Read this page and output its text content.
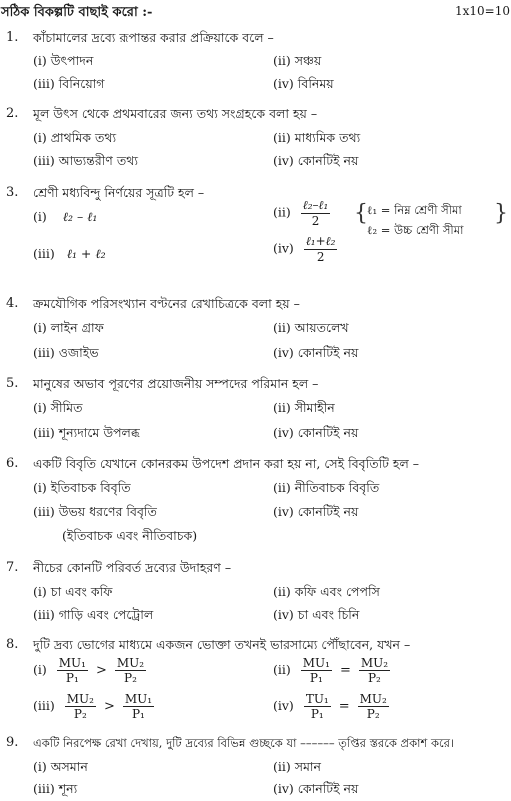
সঠিক বিকল্পটি বাছাই করো :-	1x10=10
1. কাঁচামালের দ্রব্যে রূপান্তর করার প্রক্রিয়াকে বলে –
(i) উৎপাদন	(ii) সঞ্চয়
(iii) বিনিয়োগ	(iv) বিনিময়
2. মূল উৎস থেকে প্রথমবারের জন্য তথ্য সংগ্রহকে বলা হয় –
(i) প্রাথমিক তথ্য	(ii) মাধ্যমিক তথ্য
(iii) আভ্যন্তরীণ তথ্য	(iv) কোনটিই নয়
3. শ্রেণী মধ্যবিন্দু নির্ণয়ের সূত্রটি হল –
(i) ℓ₂ – ℓ₁	$(ii) \frac{\text{ℓ₂–ℓ₁}}{2}$
(iii) ℓ₁ + ℓ₂	$(iv) \frac{\text{ℓ₁+ℓ₂}}{2}$
{ ℓ₁ = নিম্ন শ্রেণী সীমা
ℓ₂ = উচ্চ শ্রেণী সীমা
}
4. ক্রমযৌগিক পরিসংখ্যান বণ্টনের রেখাচিত্রকে বলা হয় –
(i) লাইন গ্রাফ	(ii) আয়তলেখ
(iii) ওজাইভ	(iv) কোনটিই নয়
5. মানুষের অভাব পূরণের প্রয়োজনীয় সম্পদের পরিমান হল –
(i) সীমিত	(ii) সীমাহীন
(iii) শূন্যদামে উপলব্ধ	(iv) কোনটিই নয়
6. একটি বিবৃতি যেখানে কোনরকম উপদেশ প্রদান করা হয় না, সেই বিবৃতিটি হল –
(i) ইতিবাচক বিবৃতি	(ii) নীতিবাচক বিবৃতি
(iii) উভয় ধরণের বিবৃতি	(iv) কোনটিই নয়
(ইতিবাচক এবং নীতিবাচক)
7. নীচের কোনটি পরিবর্ত দ্রব্যের উদাহরণ –
(i) চা এবং কফি	(ii) কফি এবং পেপসি
(iii) গাড়ি এবং পেট্রোল	(iv) চা এবং চিনি
8. দুটি দ্রব্য ভোগের মাধ্যমে একজন ভোক্তা তখনই ভারসাম্যে পৌঁছাবেন, যখন –
$(i) \frac{\text{MU₁}}{\text{P₁}} > \frac{\text{MU₂}}{\text{P₂}}$	$(ii) \frac{\text{MU₁}}{\text{P₁}} = \frac{\text{MU₂}}{\text{P₂}}$
$(iii) \frac{\text{MU₂}}{\text{P₂}} > \frac{\text{MU₁}}{\text{P₁}}$	$(iv) \frac{\text{TU₁}}{\text{P₁}} = \frac{\text{MU₂}}{\text{P₂}}$
9. একটি নিরপেক্ষ রেখা দেখায়, দুটি দ্রব্যের বিভিন্ন গুচ্ছকে যা –––––– তৃপ্তির স্তরকে প্রকাশ করে।
(i) অসমান	(ii) সমান
(iii) শূন্য	(iv) কোনটিই নয়
